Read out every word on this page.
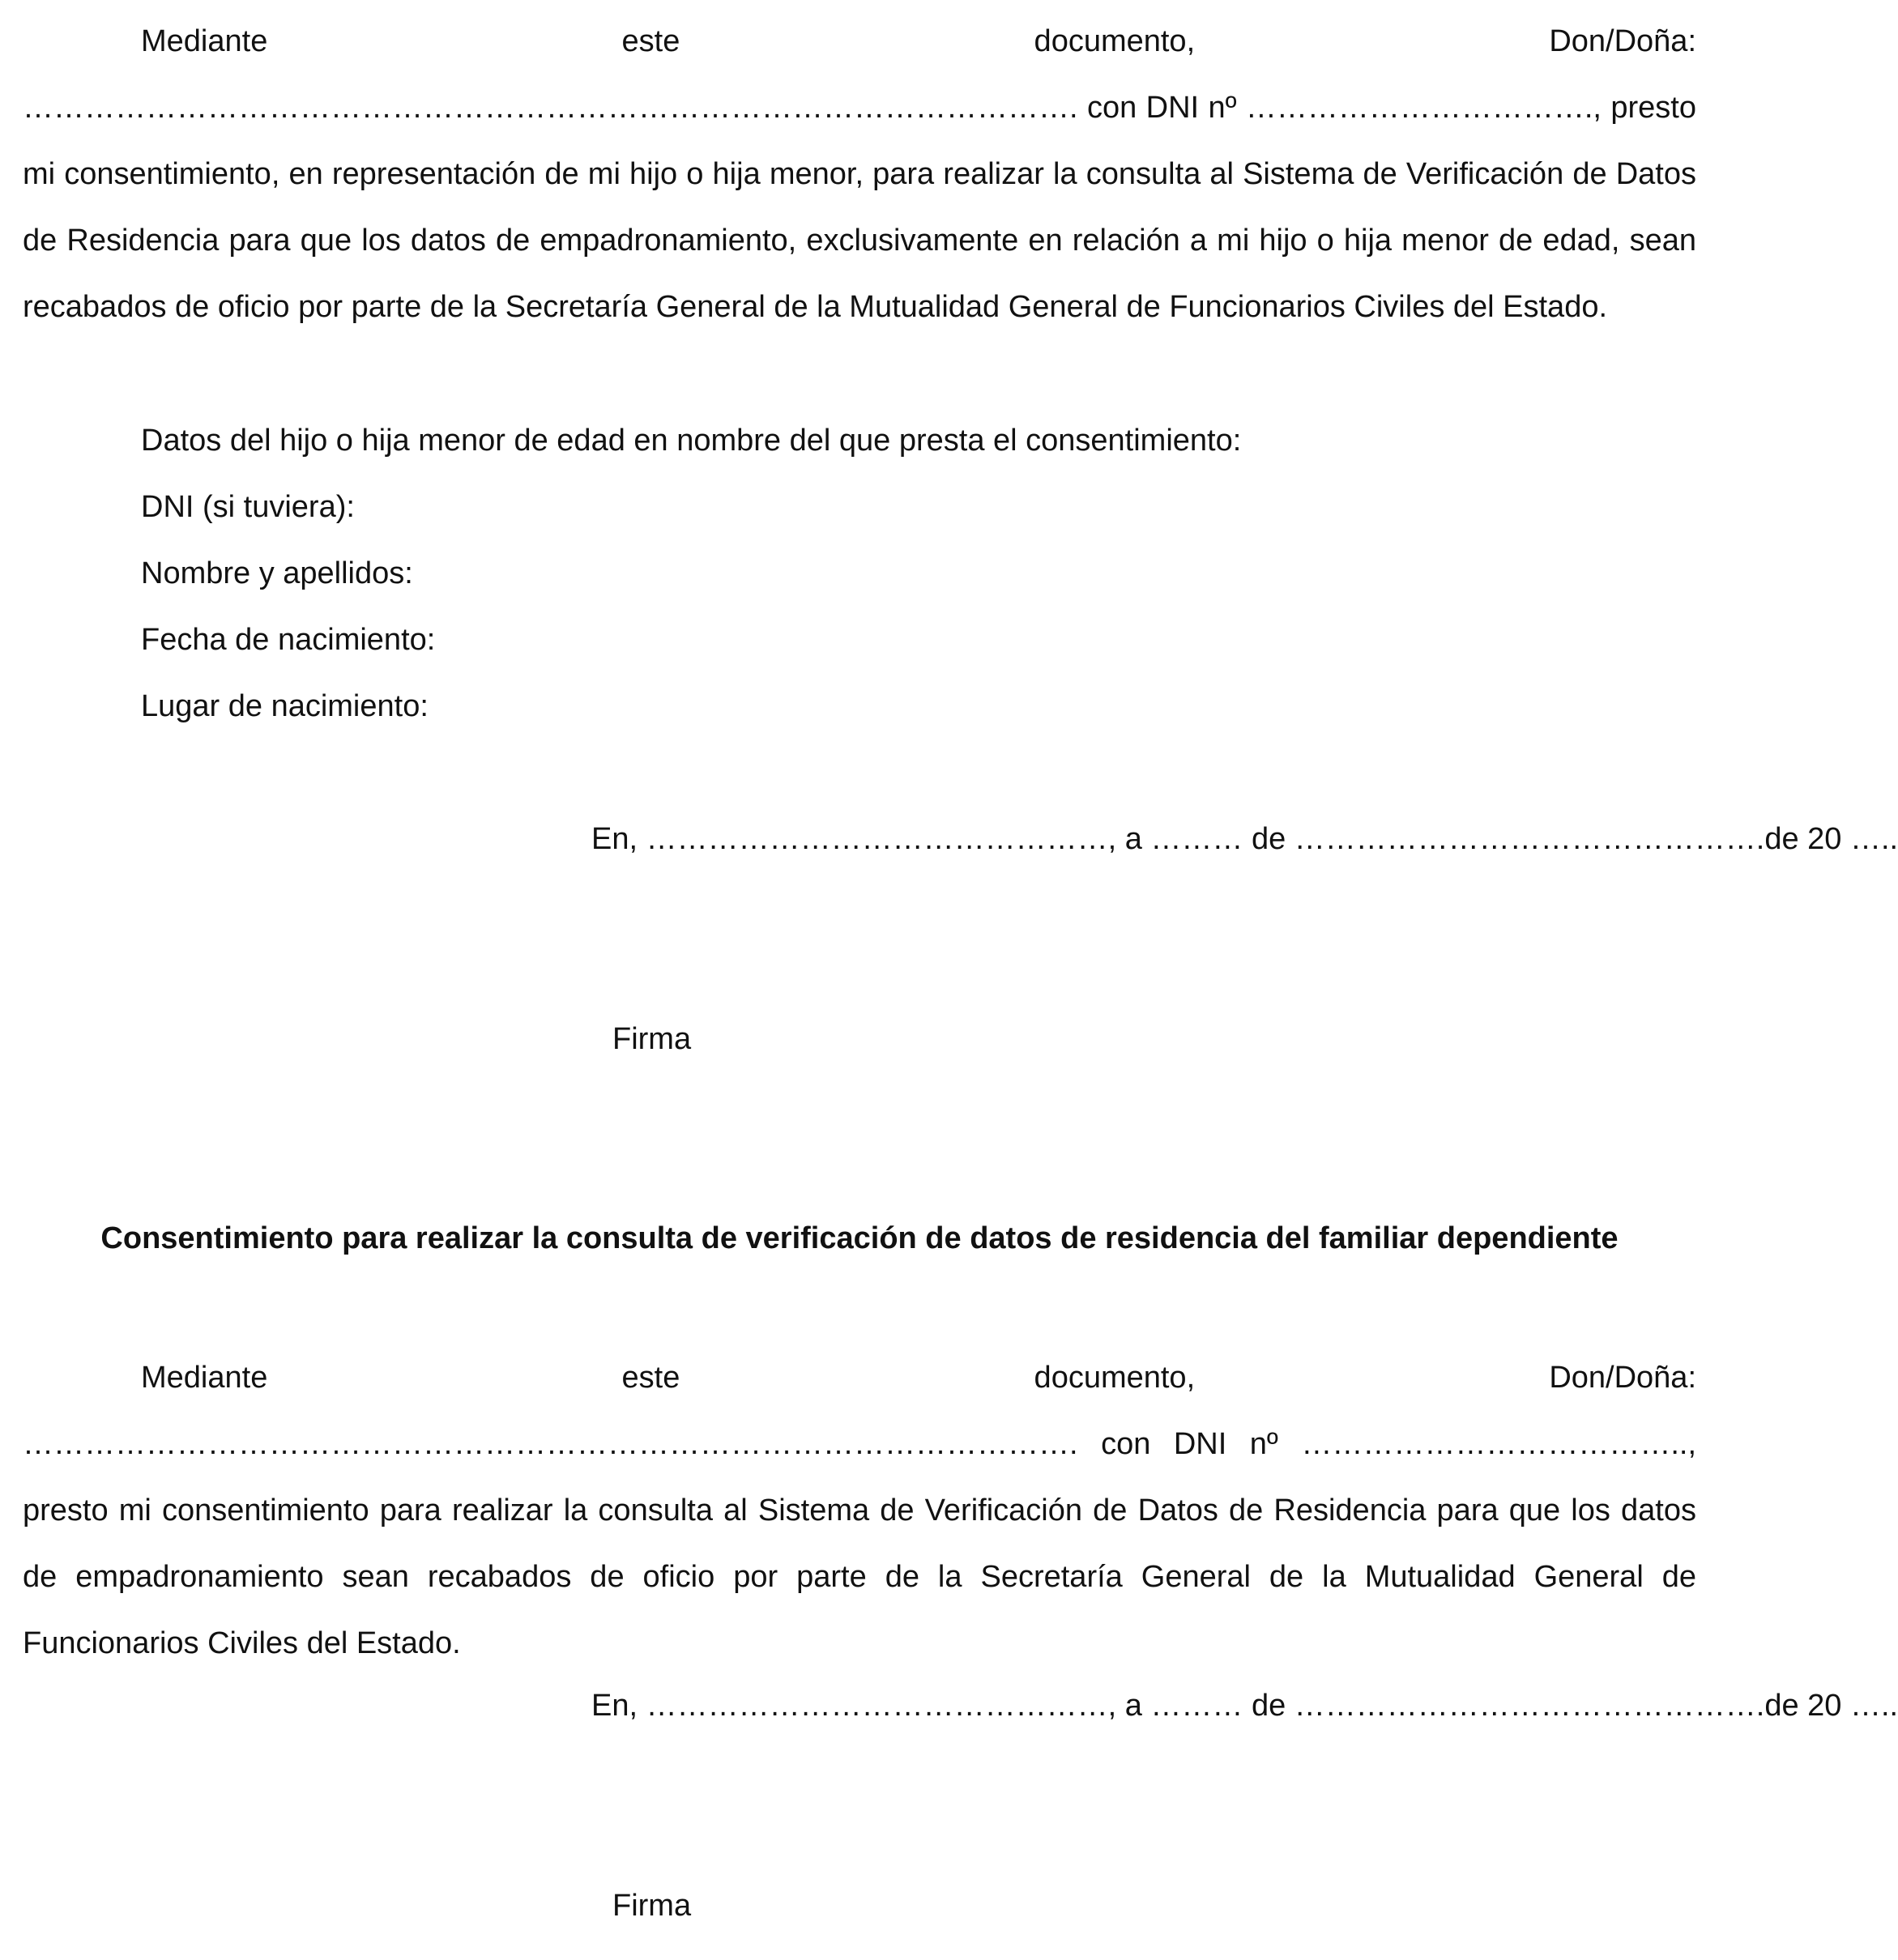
Mediante este documento, Don/Doña: …………………………………………………………………………………………. con DNI nº ……………………………., presto mi consentimiento, en representación de mi hijo o hija menor, para realizar la consulta al Sistema de Verificación de Datos de Residencia para que los datos de empadronamiento, exclusivamente en relación a mi hijo o hija menor de edad, sean recabados de oficio por parte de la Secretaría General de la Mutualidad General de Funcionarios Civiles del Estado.

Datos del hijo o hija menor de edad en nombre del que presta el consentimiento:

DNI (si tuviera):

Nombre y apellidos:

Fecha de nacimiento:

Lugar de nacimiento:

En, ………………………………………, a ……… de ……………………………………….de 20 …..

Firma

Consentimiento para realizar la consulta de verificación de datos de residencia del familiar dependiente

Mediante este documento, Don/Doña: …………………………………………………………………………………………. con DNI nº ……………………………….., presto mi consentimiento para realizar la consulta al Sistema de Verificación de Datos de Residencia para que los datos de empadronamiento sean recabados de oficio por parte de la Secretaría General de la Mutualidad General de Funcionarios Civiles del Estado.

En, ………………………………………, a ……… de ……………………………………….de 20 …..

Firma
